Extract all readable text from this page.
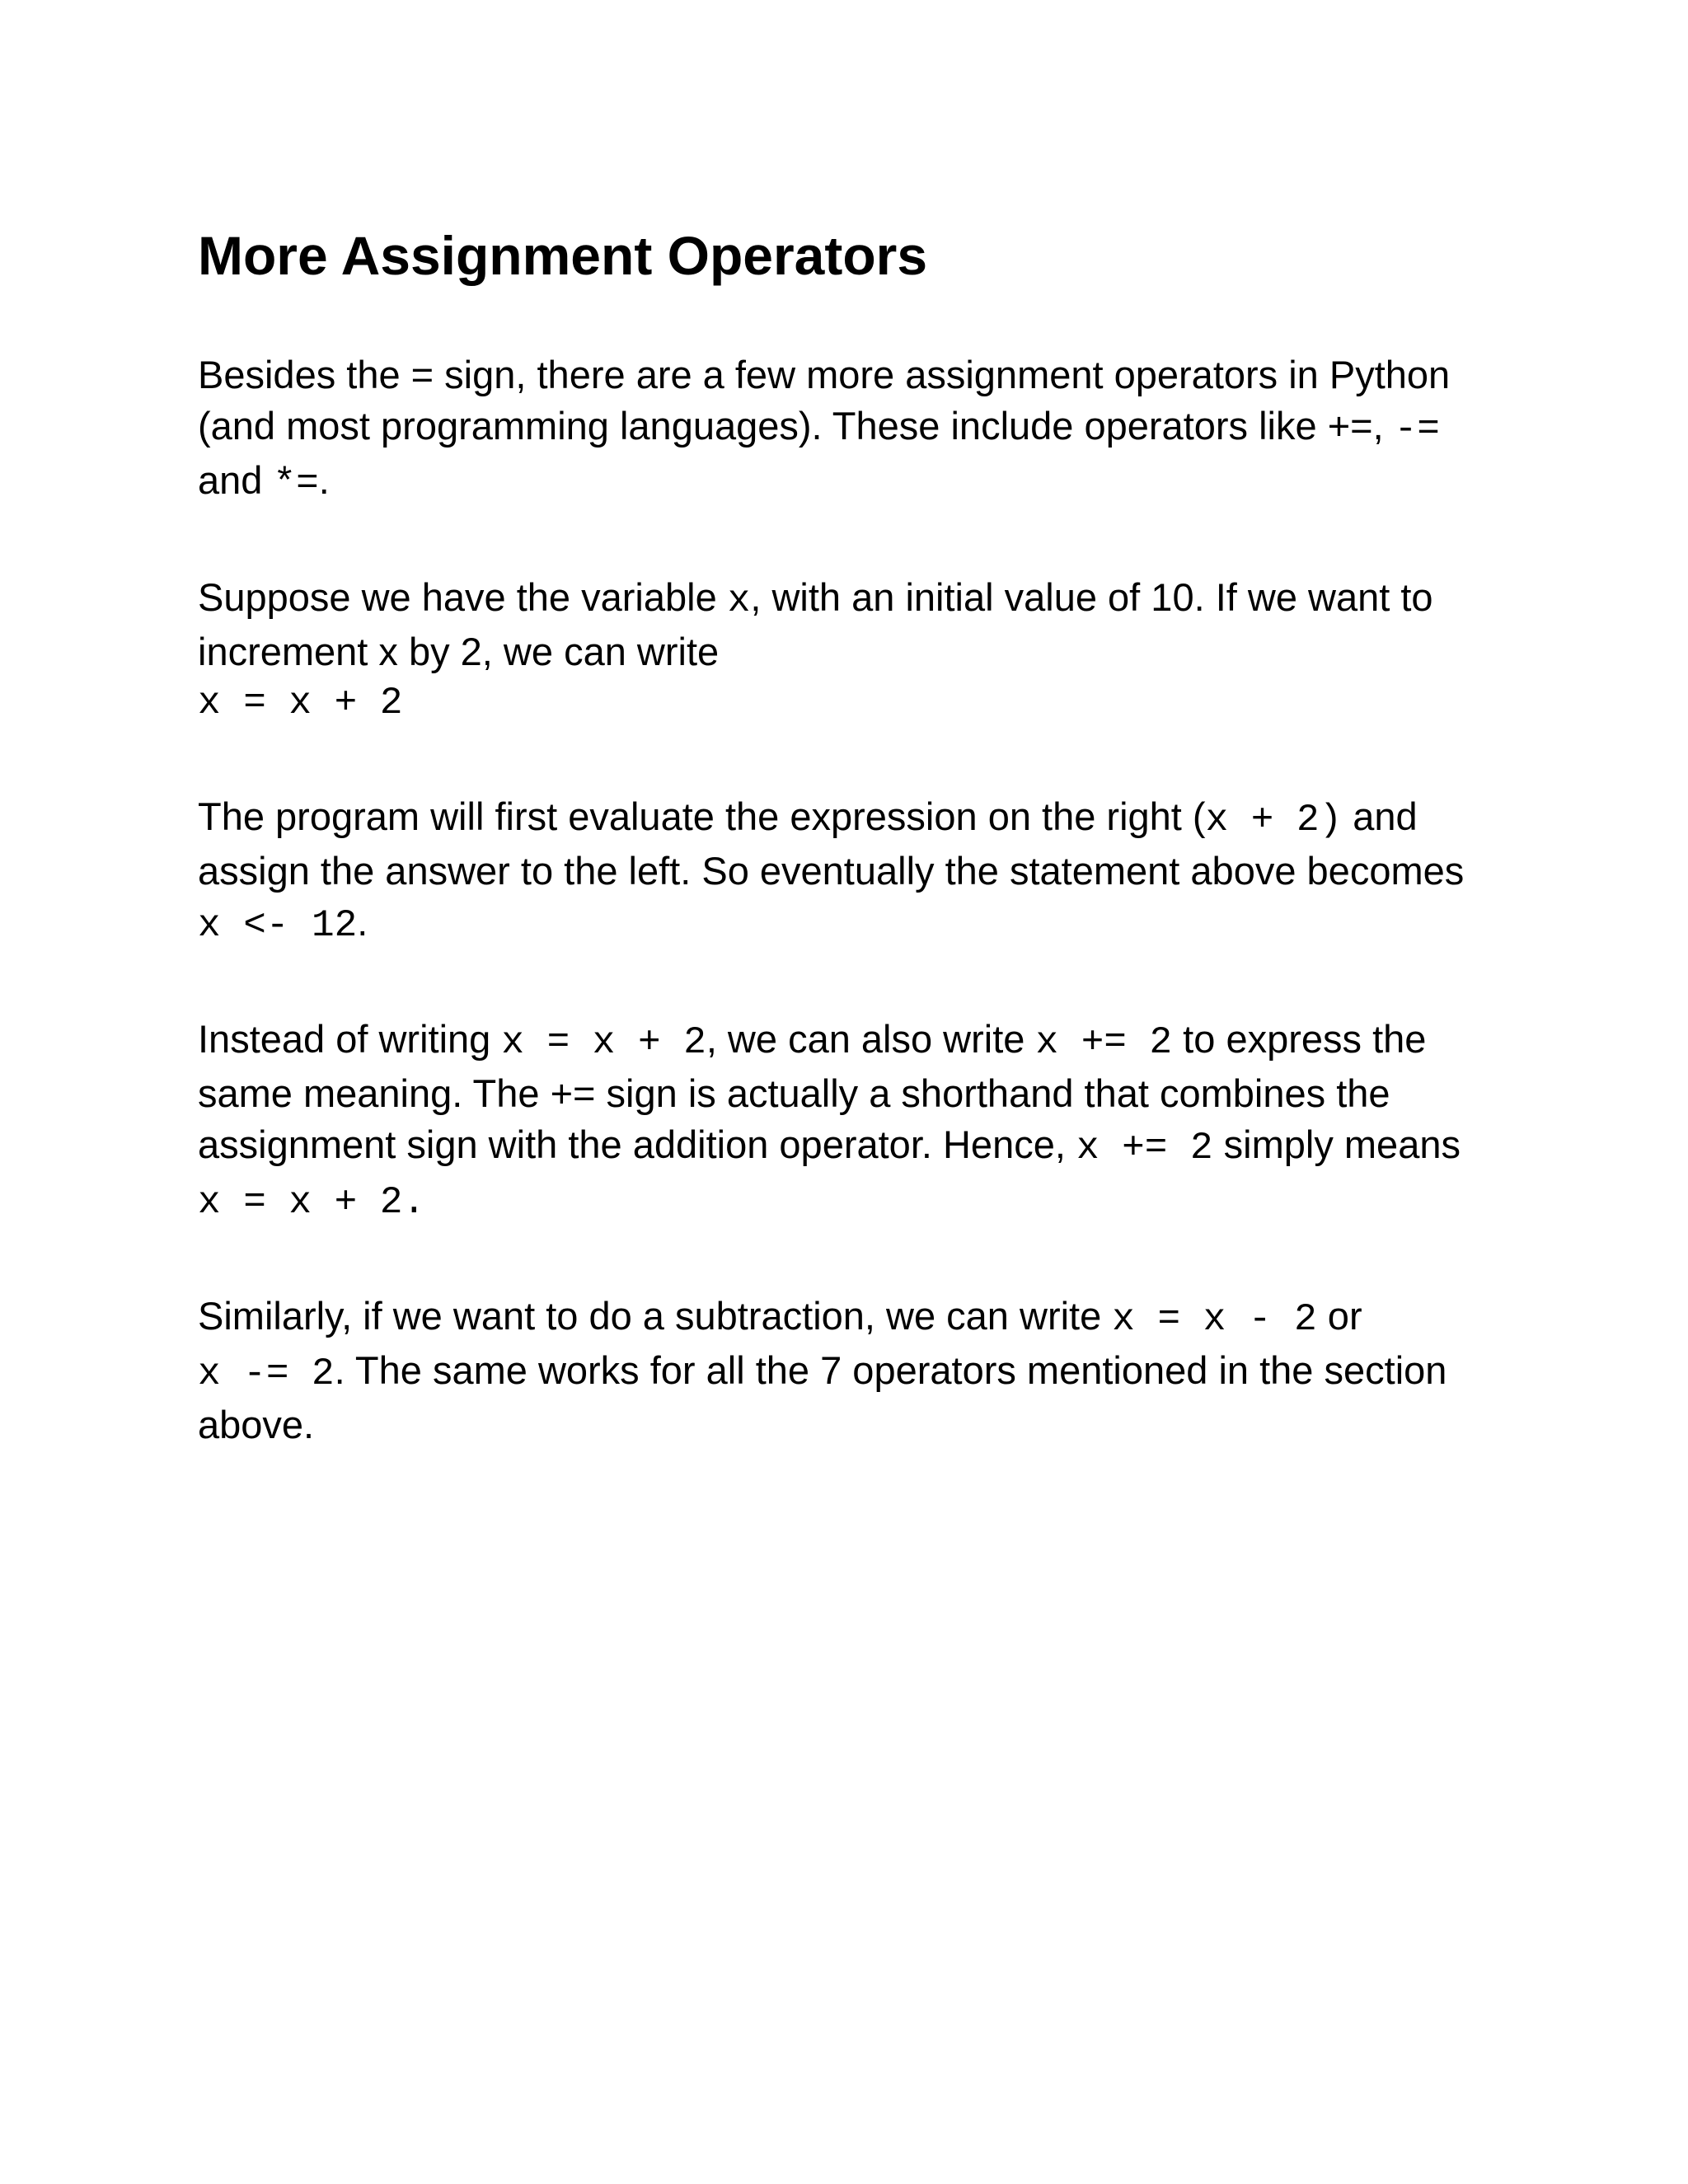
More Assignment Operators

Besides the = sign, there are a few more assignment operators in Python (and most programming languages). These include operators like +=, -= and *=.

Suppose we have the variable x, with an initial value of 10. If we want to increment x by 2, we can write
x = x + 2

The program will first evaluate the expression on the right (x + 2) and assign the answer to the left. So eventually the statement above becomes x <- 12.

Instead of writing x = x + 2, we can also write x += 2 to express the same meaning. The += sign is actually a shorthand that combines the assignment sign with the addition operator. Hence, x += 2 simply means x = x + 2.

Similarly, if we want to do a subtraction, we can write x = x - 2 or x -= 2. The same works for all the 7 operators mentioned in the section above.
